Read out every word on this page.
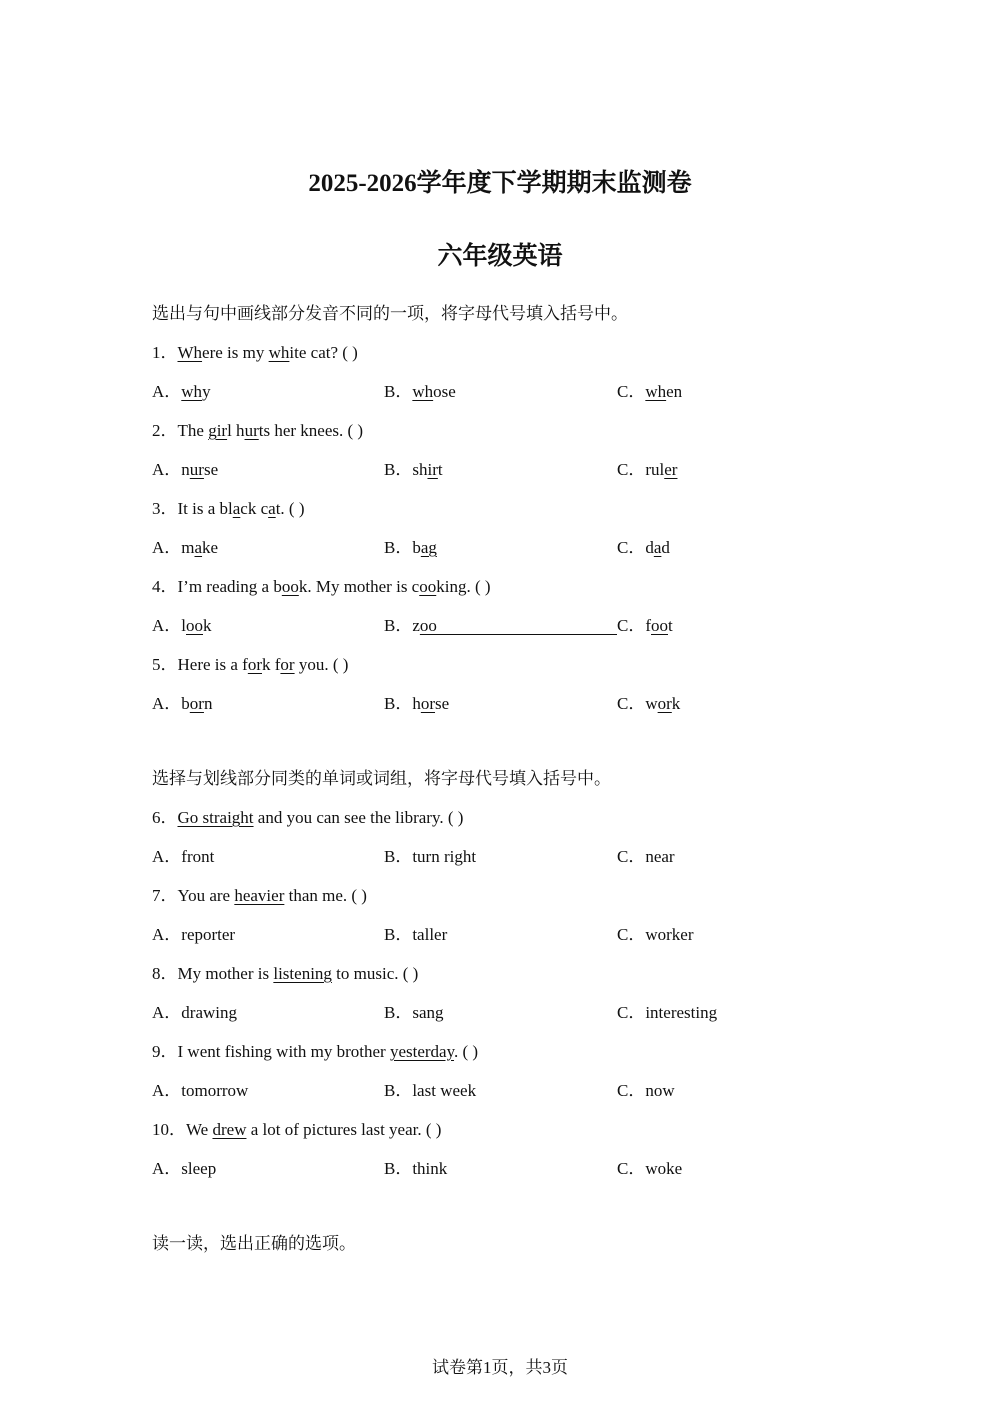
2025-2026学年度下学期期末监测卷
六年级英语
选出与句中画线部分发音不同的一项，将字母代号填入括号中。
1．Where is my white cat? ( )
A．why	B．whose	C．when
2．The girl hurts her knees. ( )
A．nurse	B．shirt	C．ruler
3．It is a black cat. ( )
A．make	B．bag	C．dad
4．I’m reading a book. My mother is cooking. ( )
A．look	B．zoo	C．foot
5．Here is a fork for you. ( )
A．born	B．horse	C．work
选择与划线部分同类的单词或词组，将字母代号填入括号中。
6．Go straight and you can see the library. ( )
A．front	B．turn right	C．near
7．You are heavier than me. ( )
A．reporter	B．taller	C．worker
8．My mother is listening to music. ( )
A．drawing	B．sang	C．interesting
9．I went fishing with my brother yesterday. ( )
A．tomorrow	B．last week	C．now
10．We drew a lot of pictures last year. ( )
A．sleep	B．think	C．woke
读一读，选出正确的选项。
试卷第1页，共3页
